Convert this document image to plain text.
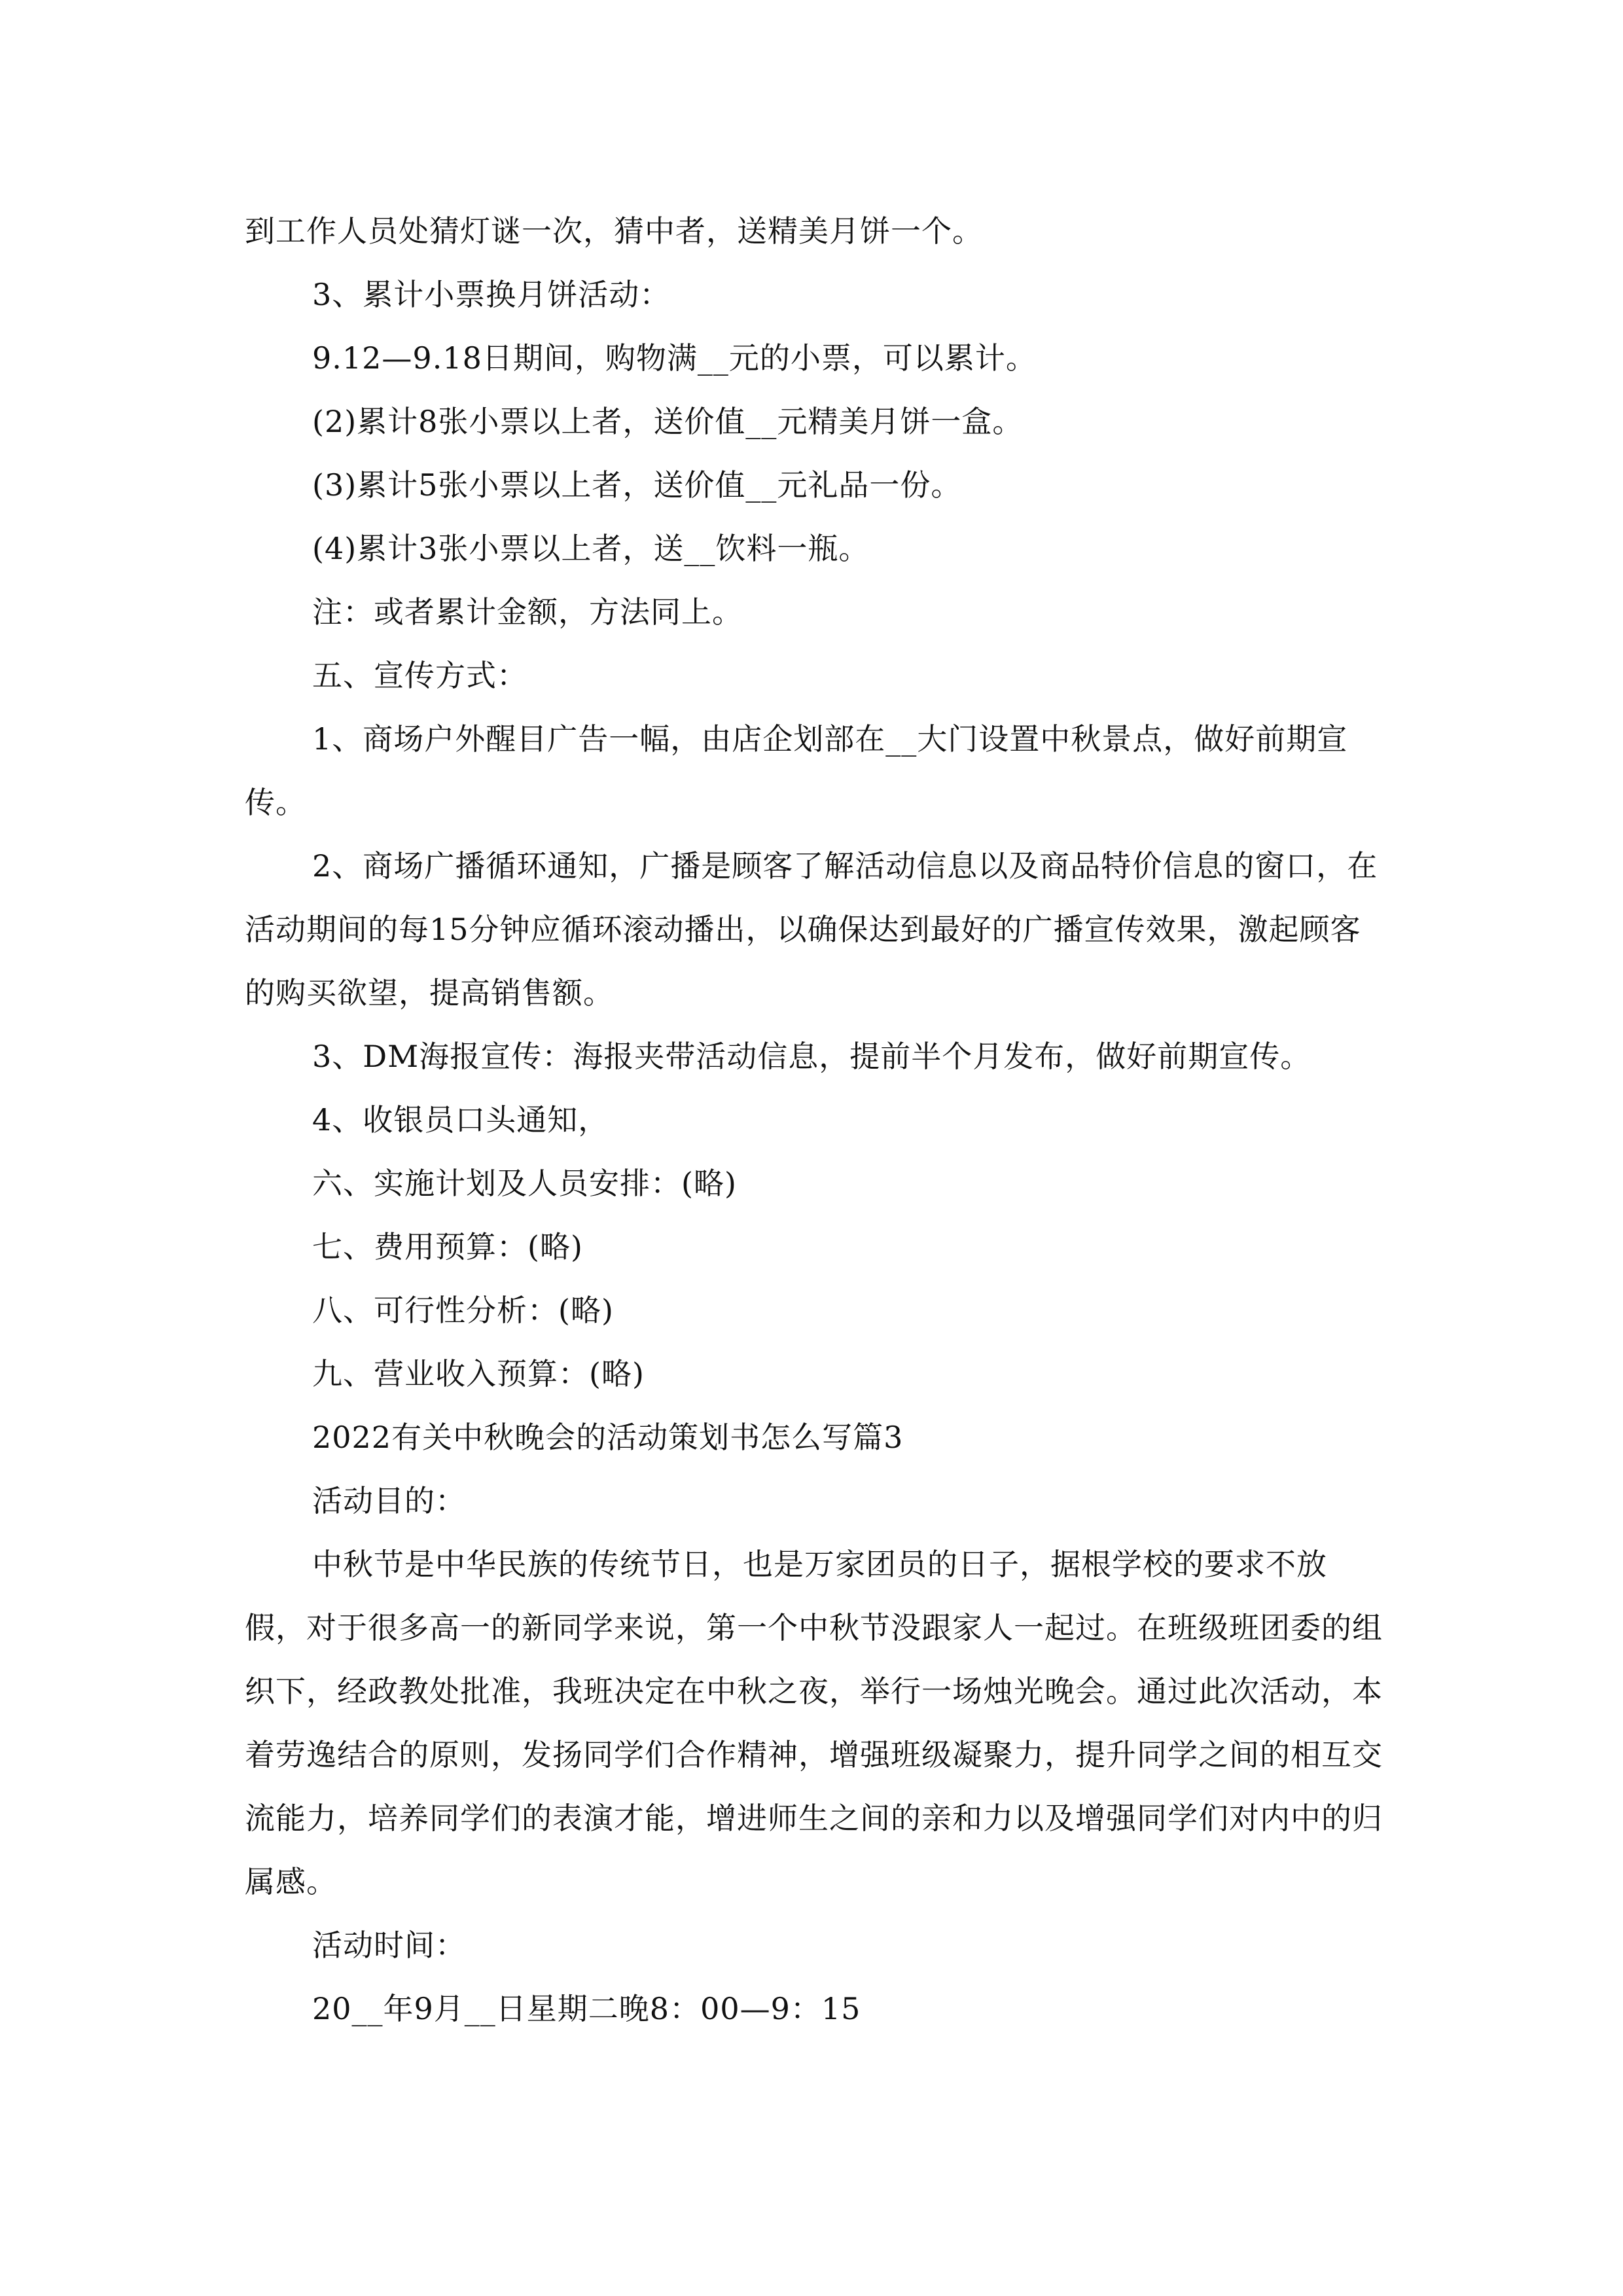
到工作人员处猜灯谜一次，猜中者，送精美月饼一个。

3、累计小票换月饼活动：

9.12—9.18日期间，购物满__元的小票，可以累计。

(2)累计8张小票以上者，送价值__元精美月饼一盒。

(3)累计5张小票以上者，送价值__元礼品一份。

(4)累计3张小票以上者，送__饮料一瓶。

注：或者累计金额，方法同上。

五、宣传方式：

1、商场户外醒目广告一幅，由店企划部在__大门设置中秋景点，做好前期宣传。

2、商场广播循环通知，广播是顾客了解活动信息以及商品特价信息的窗口，在活动期间的每15分钟应循环滚动播出，以确保达到最好的广播宣传效果，激起顾客的购买欲望，提高销售额。

3、DM海报宣传：海报夹带活动信息，提前半个月发布，做好前期宣传。

4、收银员口头通知，

六、实施计划及人员安排：(略)

七、费用预算：(略)

八、可行性分析：(略)

九、营业收入预算：(略)

2022有关中秋晚会的活动策划书怎么写篇3

活动目的：

中秋节是中华民族的传统节日，也是万家团员的日子，据根学校的要求不放假，对于很多高一的新同学来说，第一个中秋节没跟家人一起过。在班级班团委的组织下，经政教处批准，我班决定在中秋之夜，举行一场烛光晚会。通过此次活动，本着劳逸结合的原则，发扬同学们合作精神，增强班级凝聚力，提升同学之间的相互交流能力，培养同学们的表演才能，增进师生之间的亲和力以及增强同学们对内中的归属感。

活动时间：

20__年9月__日星期二晚8：00—9：15
